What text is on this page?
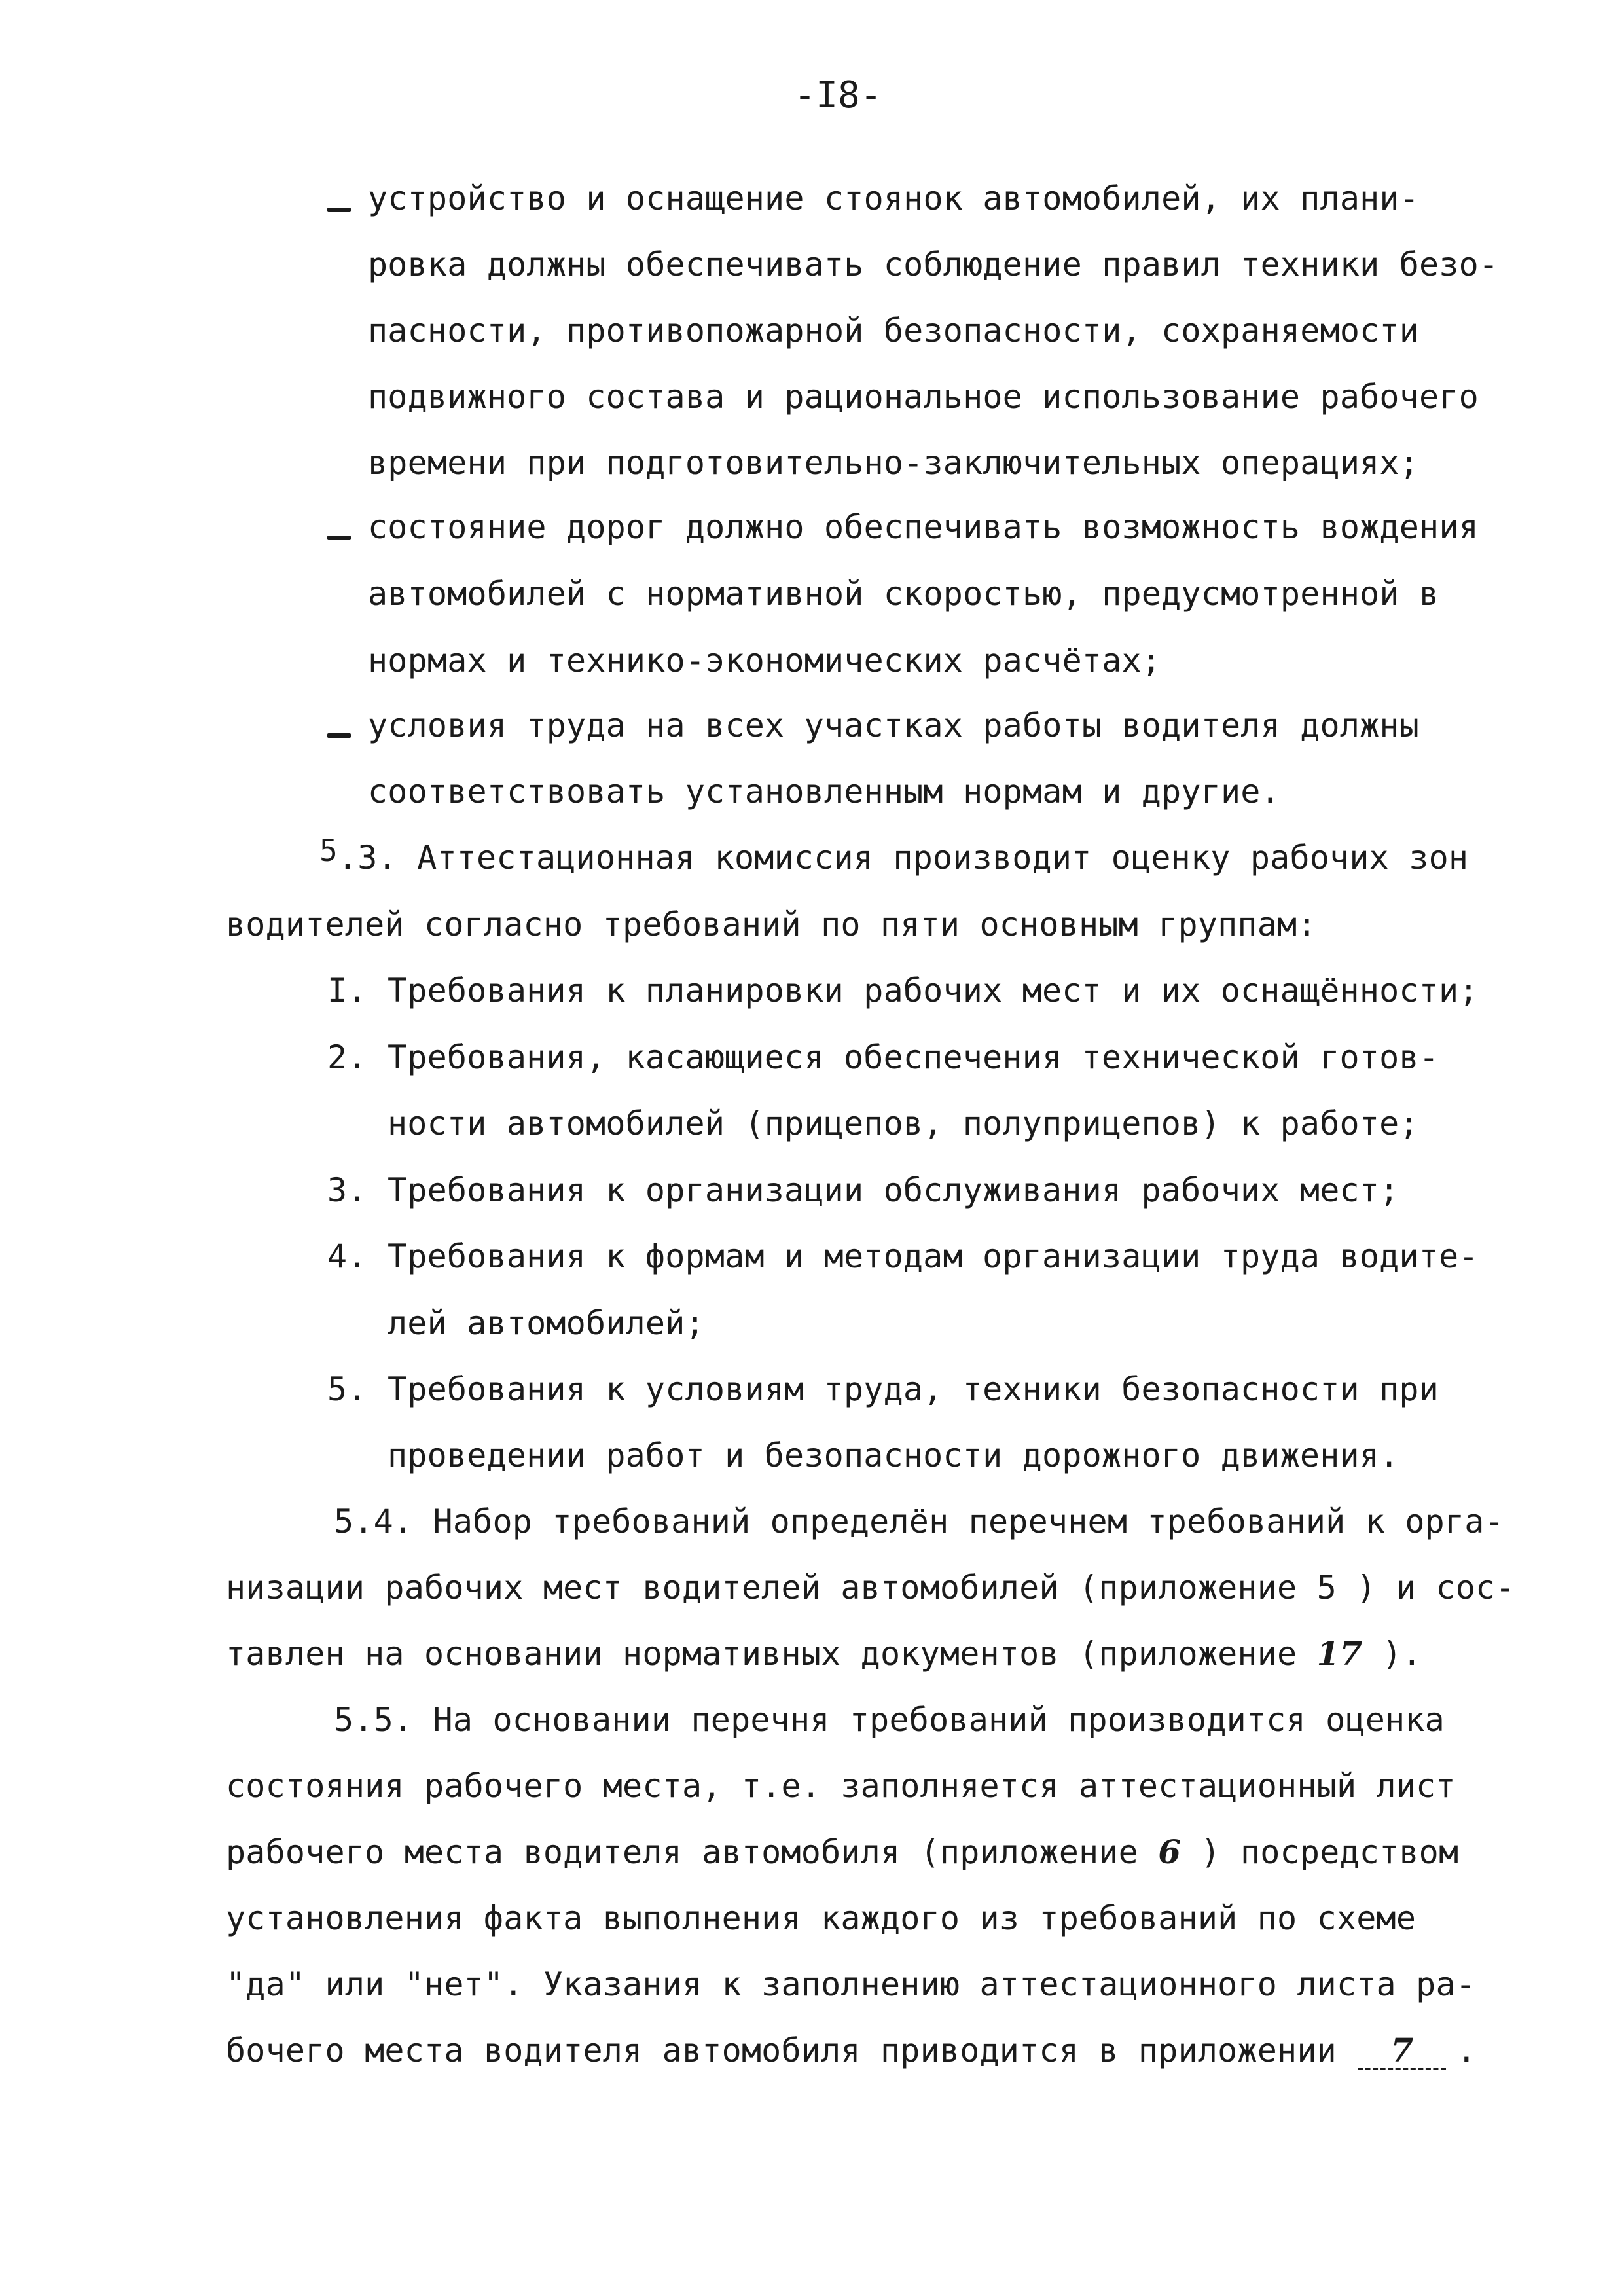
-I8-
устройство и оснащение стоянок автомобилей, их плани-
ровка должны обеспечивать соблюдение правил техники безо-
пасности, противопожарной безопасности, сохраняемости
подвижного состава и рациональное использование рабочего
времени при подготовительно-заключительных операциях;
состояние дорог должно обеспечивать возможность вождения
автомобилей с нормативной скоростью, предусмотренной в
нормах и технико-экономических расчётах;
условия труда на всех участках работы водителя должны
соответствовать установленным нормам и другие.
5.3. Аттестационная комиссия производит оценку рабочих зон
водителей согласно требований по пяти основным группам:
I. Требования к планировки рабочих мест и их оснащённости;
2. Требования, касающиеся обеспечения технической готов-
ности автомобилей (прицепов, полуприцепов) к работе;
3. Требования к организации обслуживания рабочих мест;
4. Требования к формам и методам организации труда водите-
лей автомобилей;
5. Требования к условиям труда, техники безопасности при
проведении работ и безопасности дорожного движения.
5.4. Набор требований определён перечнем требований к орга-
низации рабочих мест водителей автомобилей (приложение 5 ) и сос-
тавлен на основании нормативных документов (приложение 17 ).
5.5. На основании перечня требований производится оценка
состояния рабочего места, т.е. заполняется аттестационный лист
рабочего места водителя автомобиля (приложение 6 ) посредством
установления факта выполнения каждого из требований по схеме
"да" или "нет". Указания к заполнению аттестационного листа ра-
бочего места водителя автомобиля приводится в приложении 7 .
